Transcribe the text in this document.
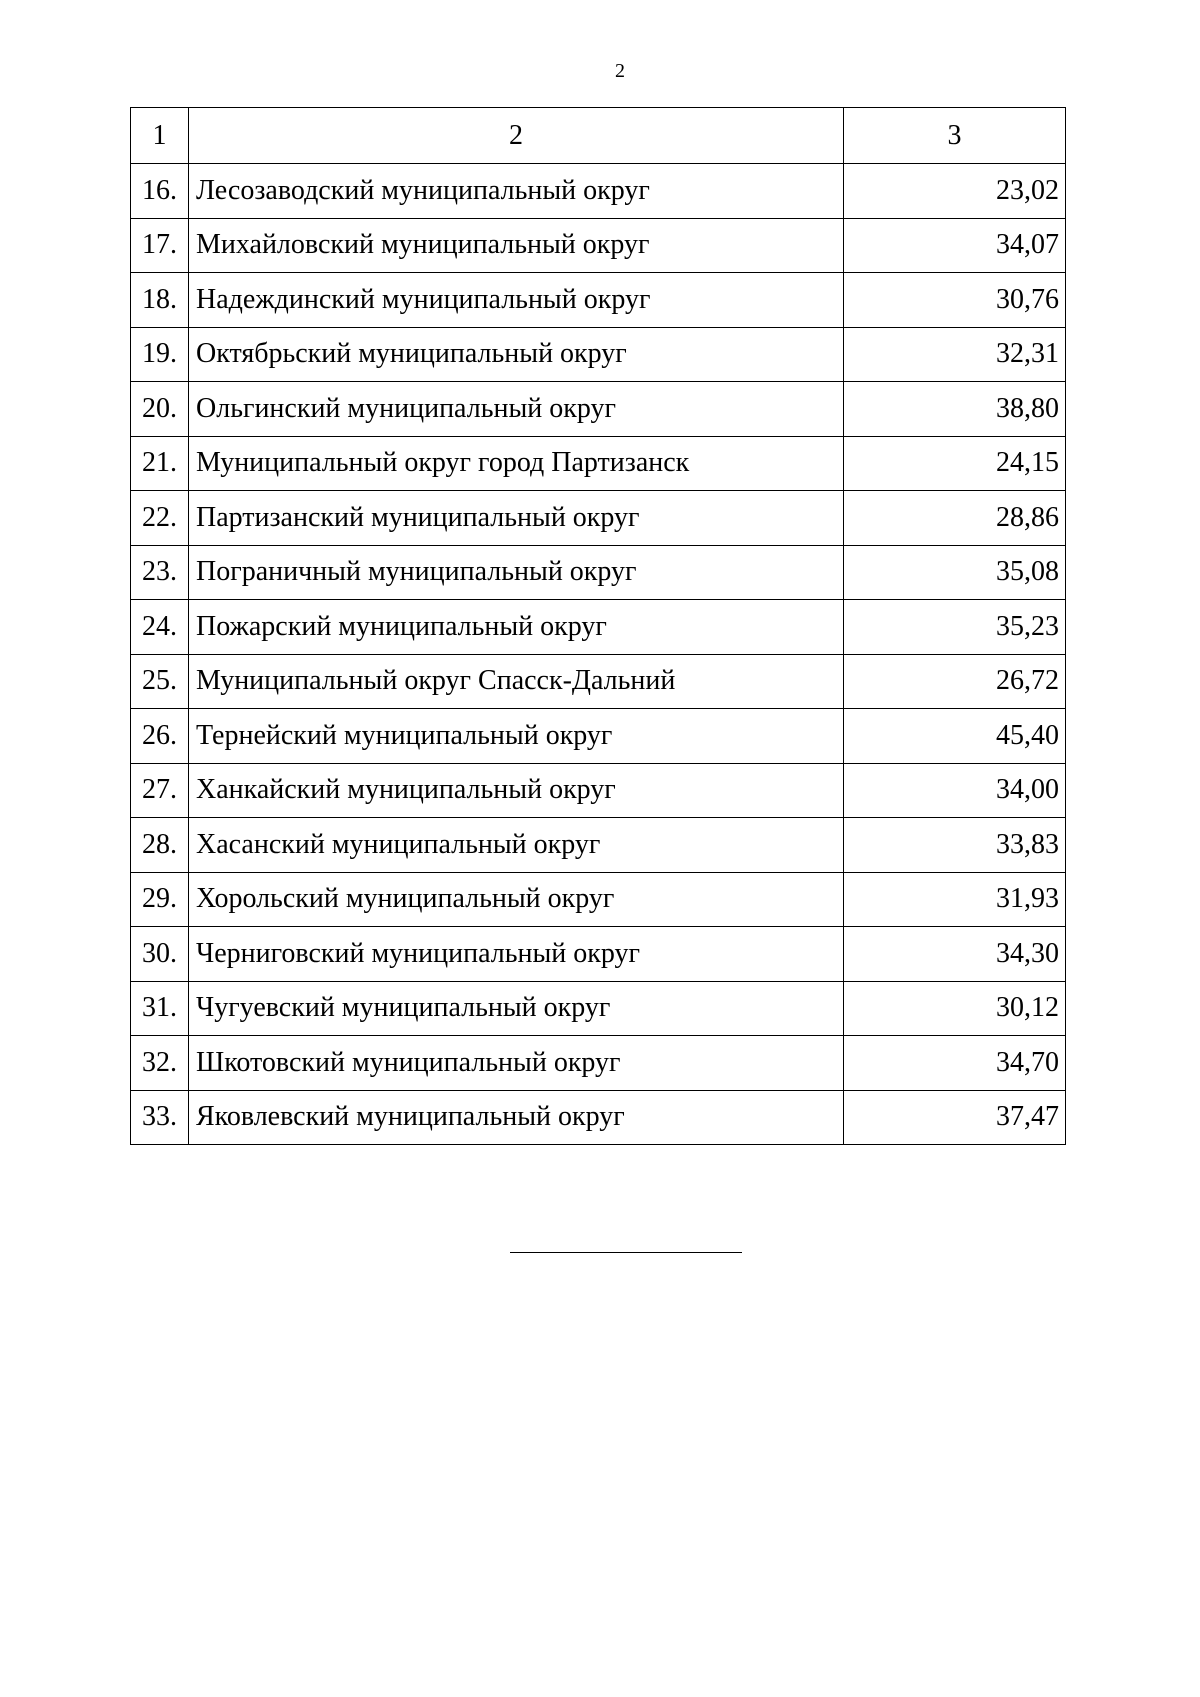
2
1	2	3
16.	Лесозаводский муниципальный округ	23,02
17.	Михайловский муниципальный округ	34,07
18.	Надеждинский муниципальный округ	30,76
19.	Октябрьский муниципальный округ	32,31
20.	Ольгинский муниципальный округ	38,80
21.	Муниципальный округ город Партизанск	24,15
22.	Партизанский муниципальный округ	28,86
23.	Пограничный муниципальный округ	35,08
24.	Пожарский муниципальный округ	35,23
25.	Муниципальный округ Спасск-Дальний	26,72
26.	Тернейский муниципальный округ	45,40
27.	Ханкайский муниципальный округ	34,00
28.	Хасанский муниципальный округ	33,83
29.	Хорольский муниципальный округ	31,93
30.	Черниговский муниципальный округ	34,30
31.	Чугуевский муниципальный округ	30,12
32.	Шкотовский муниципальный округ	34,70
33.	Яковлевский муниципальный округ	37,47
